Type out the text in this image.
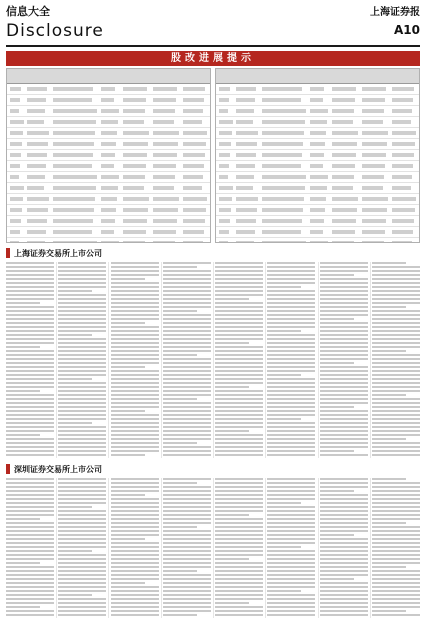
信息大全
Disclosure
上海证券报
A10
股改进展提示
上海证券交易所上市公司
深圳证券交易所上市公司
